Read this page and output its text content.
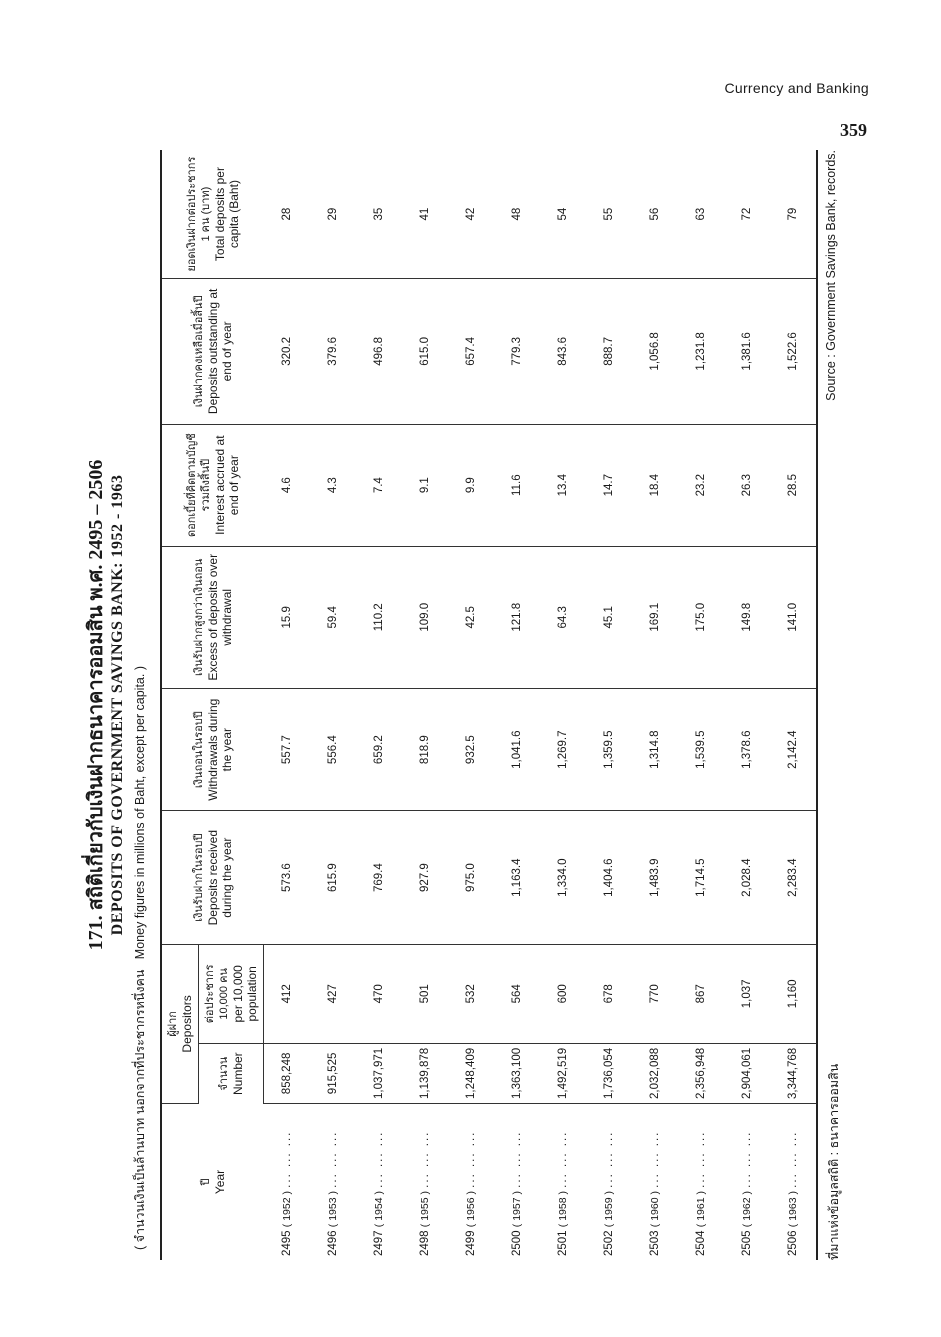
Currency and Banking
359
171. สถิติเกี่ยวกับเงินฝากธนาคารออมสิน พ.ศ. 2495 – 2506 DEPOSITS OF GOVERNMENT SAVINGS BANK: 1952 - 1963
( จำนวนเงินเป็นล้านบาท นอกจากที่ประชากรหนึ่งคน   Money figures in millions of Baht, except per capita. )
ปี Year	ผู้ฝาก Depositors		เงินรับฝากในรอบปี Deposits received during the year	เงินถอนในรอบปี Withdrawals during the year	เงินรับฝากสูงกว่าเงินถอน Excess of deposits over withdrawal	ดอกเบี้ยที่คิดตามบัญชีรวมถึงสิ้นปี Interest accrued at end of year	เงินฝากคงเหลือเมื่อสิ้นปี Deposits outstanding at end of year	ยอดเงินฝากต่อประชากร 1 คน (บาท) Total deposits per capita (Baht)

	จำนวน Number	ต่อประชากร 10,000 คน per 10,000 population						
2495 ( 1952 ) ... ... ...	858,248	412	573.6	557.7	15.9	4.6	320.2	28
2496 ( 1953 ) ... ... ...	915,525	427	615.9	556.4	59.4	4.3	379.6	29
2497 ( 1954 ) ... ... ...	1,037,971	470	769.4	659.2	110.2	7.4	496.8	35
2498 ( 1955 ) ... ... ...	1,139,878	501	927.9	818.9	109.0	9.1	615.0	41
2499 ( 1956 ) ... ... ...	1,248,409	532	975.0	932.5	42.5	9.9	657.4	42
2500 ( 1957 ) ... ... ...	1,363,100	564	1,163.4	1,041.6	121.8	11.6	779.3	48
2501 ( 1958 ) ... ... ...	1,492,519	600	1,334.0	1,269.7	64.3	13.4	843.6	54
2502 ( 1959 ) ... ... ...	1,736,054	678	1,404.6	1,359.5	45.1	14.7	888.7	55
2503 ( 1960 ) ... ... ...	2,032,088	770	1,483.9	1,314.8	169.1	18.4	1,056.8	56
2504 ( 1961 ) ... ... ...	2,356,948	867	1,714.5	1,539.5	175.0	23.2	1,231.8	63
2505 ( 1962 ) ... ... ...	2,904,061	1,037	2,028.4	1,378.6	149.8	26.3	1,381.6	72
2506 ( 1963 ) ... ... ...	3,344,768	1,160	2,283.4	2,142.4	141.0	28.5	1,522.6	79
ที่มาแห่งข้อมูลสถิติ : ธนาคารออมสิน
Source : Government Savings Bank, records.
